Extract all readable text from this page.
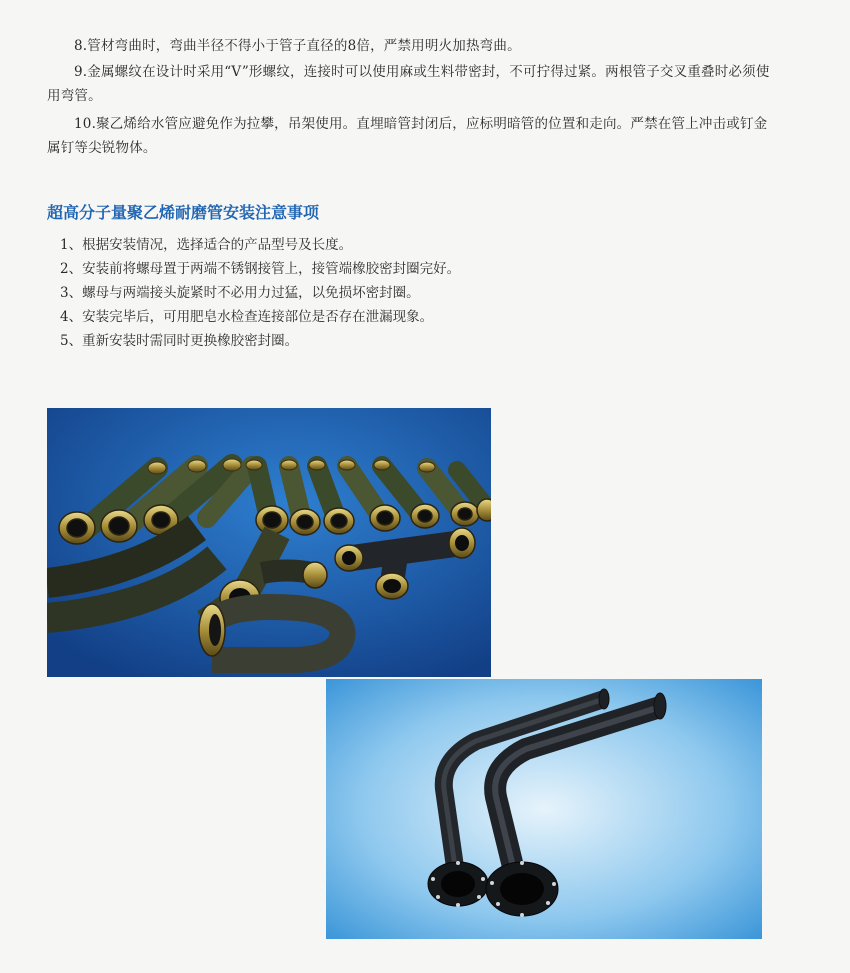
8.管材弯曲时，弯曲半径不得小于管子直径的8倍，严禁用明火加热弯曲。

9.金属螺纹在设计时采用“V”形螺纹，连接时可以使用麻或生料带密封，不可拧得过紧。两根管子交叉重叠时必须使用弯管。

10.聚乙烯给水管应避免作为拉攀，吊架使用。直埋暗管封闭后，应标明暗管的位置和走向。严禁在管上冲击或钉金属钉等尖锐物体。

超高分子量聚乙烯耐磨管安装注意事项
1、根据安装情况，选择适合的产品型号及长度。
2、安装前将螺母置于两端不锈钢接管上，接管端橡胶密封圈完好。
3、螺母与两端接头旋紧时不必用力过猛，以免损坏密封圈。
4、安装完毕后，可用肥皂水检查连接部位是否存在泄漏现象。
5、重新安装时需同时更换橡胶密封圈。
